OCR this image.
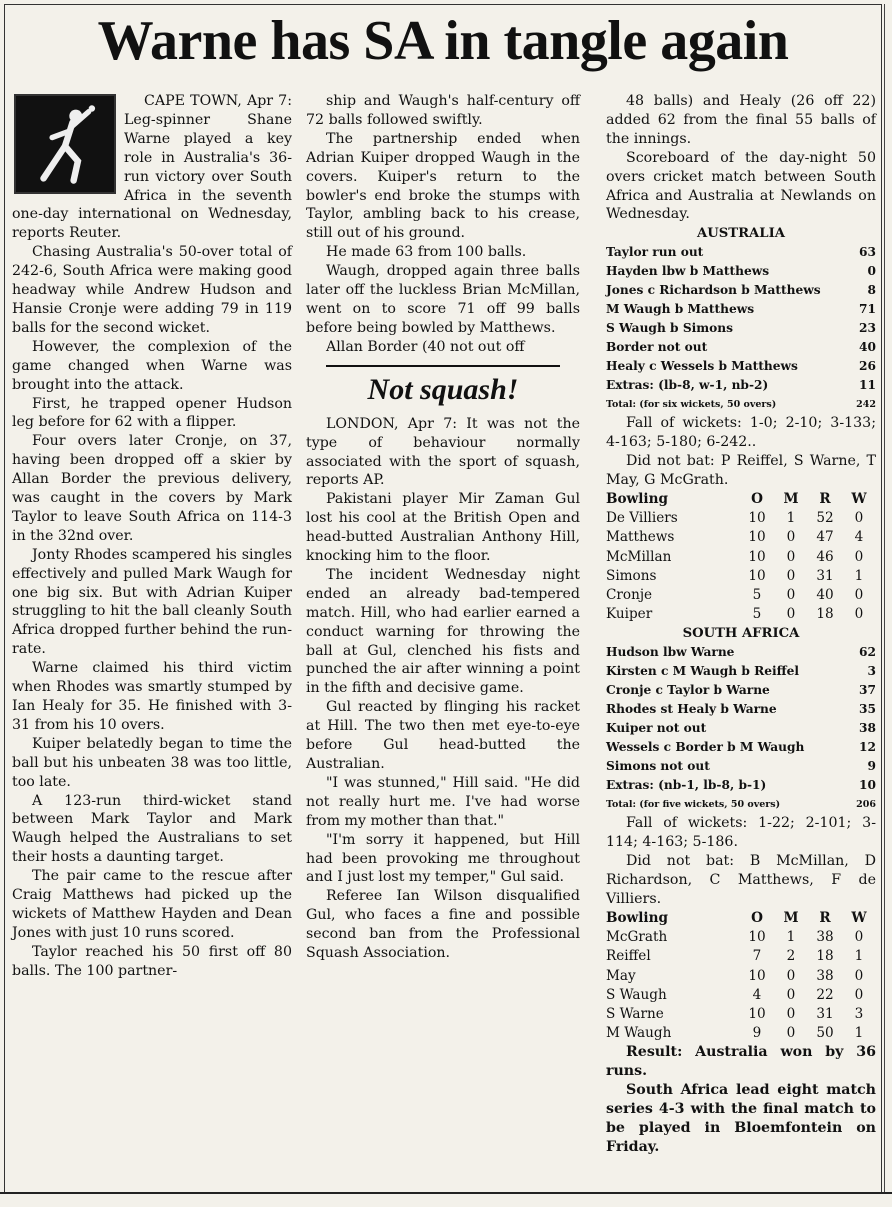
Warne has SA in tangle again

CAPE TOWN, Apr 7: Leg-spinner Shane Warne played a key role in Australia's 36-run victory over South Africa in the seventh one-day international on Wednesday, reports Reuter.

Chasing Australia's 50-over total of 242-6, South Africa were making good headway while Andrew Hudson and Hansie Cronje were adding 79 in 119 balls for the second wicket.

However, the complexion of the game changed when Warne was brought into the attack.

First, he trapped opener Hudson leg before for 62 with a flipper.

Four overs later Cronje, on 37, having been dropped off a skier by Allan Border the previous delivery, was caught in the covers by Mark Taylor to leave South Africa on 114-3 in the 32nd over.

Jonty Rhodes scampered his singles effectively and pulled Mark Waugh for one big six. But with Adrian Kuiper struggling to hit the ball cleanly South Africa dropped further behind the run-rate.

Warne claimed his third victim when Rhodes was smartly stumped by Ian Healy for 35. He finished with 3-31 from his 10 overs.

Kuiper belatedly began to time the ball but his unbeaten 38 was too little, too late.

A 123-run third-wicket stand between Mark Taylor and Mark Waugh helped the Australians to set their hosts a daunting target.

The pair came to the rescue after Craig Matthews had picked up the wickets of Matthew Hayden and Dean Jones with just 10 runs scored.

Taylor reached his 50 first off 80 balls. The 100 partner-

ship and Waugh's half-century off 72 balls followed swiftly.

The partnership ended when Adrian Kuiper dropped Waugh in the covers. Kuiper's return to the bowler's end broke the stumps with Taylor, ambling back to his crease, still out of his ground.

He made 63 from 100 balls.

Waugh, dropped again three balls later off the luckless Brian McMillan, went on to score 71 off 99 balls before being bowled by Matthews.

Allan Border (40 not out off

Not squash!

LONDON, Apr 7: It was not the type of behaviour normally associated with the sport of squash, reports AP.

Pakistani player Mir Zaman Gul lost his cool at the British Open and head-butted Australian Anthony Hill, knocking him to the floor.

The incident Wednesday night ended an already bad-tempered match. Hill, who had earlier earned a conduct warning for throwing the ball at Gul, clenched his fists and punched the air after winning a point in the fifth and decisive game.

Gul reacted by flinging his racket at Hill. The two then met eye-to-eye before Gul head-butted the Australian.

"I was stunned," Hill said. "He did not really hurt me. I've had worse from my mother than that."

"I'm sorry it happened, but Hill had been provoking me throughout and I just lost my temper," Gul said.

Referee Ian Wilson disqualified Gul, who faces a fine and possible second ban from the Professional Squash Association.

48 balls) and Healy (26 off 22) added 62 from the final 55 balls of the innings.

Scoreboard of the day-night 50 overs cricket match between South Africa and Australia at Newlands on Wednesday.

AUSTRALIA
Taylor run out	63
Hayden lbw b Matthews	0
Jones c Richardson b Matthews	8
M Waugh b Matthews	71
S Waugh b Simons	23
Border not out	40
Healy c Wessels b Matthews	26
Extras: (lb-8, w-1, nb-2)	11
Total: (for six wickets, 50 overs)	242

Fall of wickets: 1-0; 2-10; 3-133; 4-163; 5-180; 6-242..

Did not bat: P Reiffel, S Warne, T May, G McGrath.

Bowling	O	M	R	W
De Villiers	10	1	52	0
Matthews	10	0	47	4
McMillan	10	0	46	0
Simons	10	0	31	1
Cronje	5	0	40	0
Kuiper	5	0	18	0
SOUTH AFRICA
Hudson lbw Warne	62
Kirsten c M Waugh b Reiffel	3
Cronje c Taylor b Warne	37
Rhodes st Healy b Warne	35
Kuiper not out	38
Wessels c Border b M Waugh	12
Simons not out	9
Extras: (nb-1, lb-8, b-1)	10
Total: (for five wickets, 50 overs)	206

Fall of wickets: 1-22; 2-101; 3-114; 4-163; 5-186.

Did not bat: B McMillan, D Richardson, C Matthews, F de Villiers.

Bowling	O	M	R	W
McGrath	10	1	38	0
Reiffel	7	2	18	1
May	10	0	38	0
S Waugh	4	0	22	0
S Warne	10	0	31	3
M Waugh	9	0	50	1

Result: Australia won by 36 runs.

South Africa lead eight match series 4-3 with the final match to be played in Bloemfontein on Friday.
